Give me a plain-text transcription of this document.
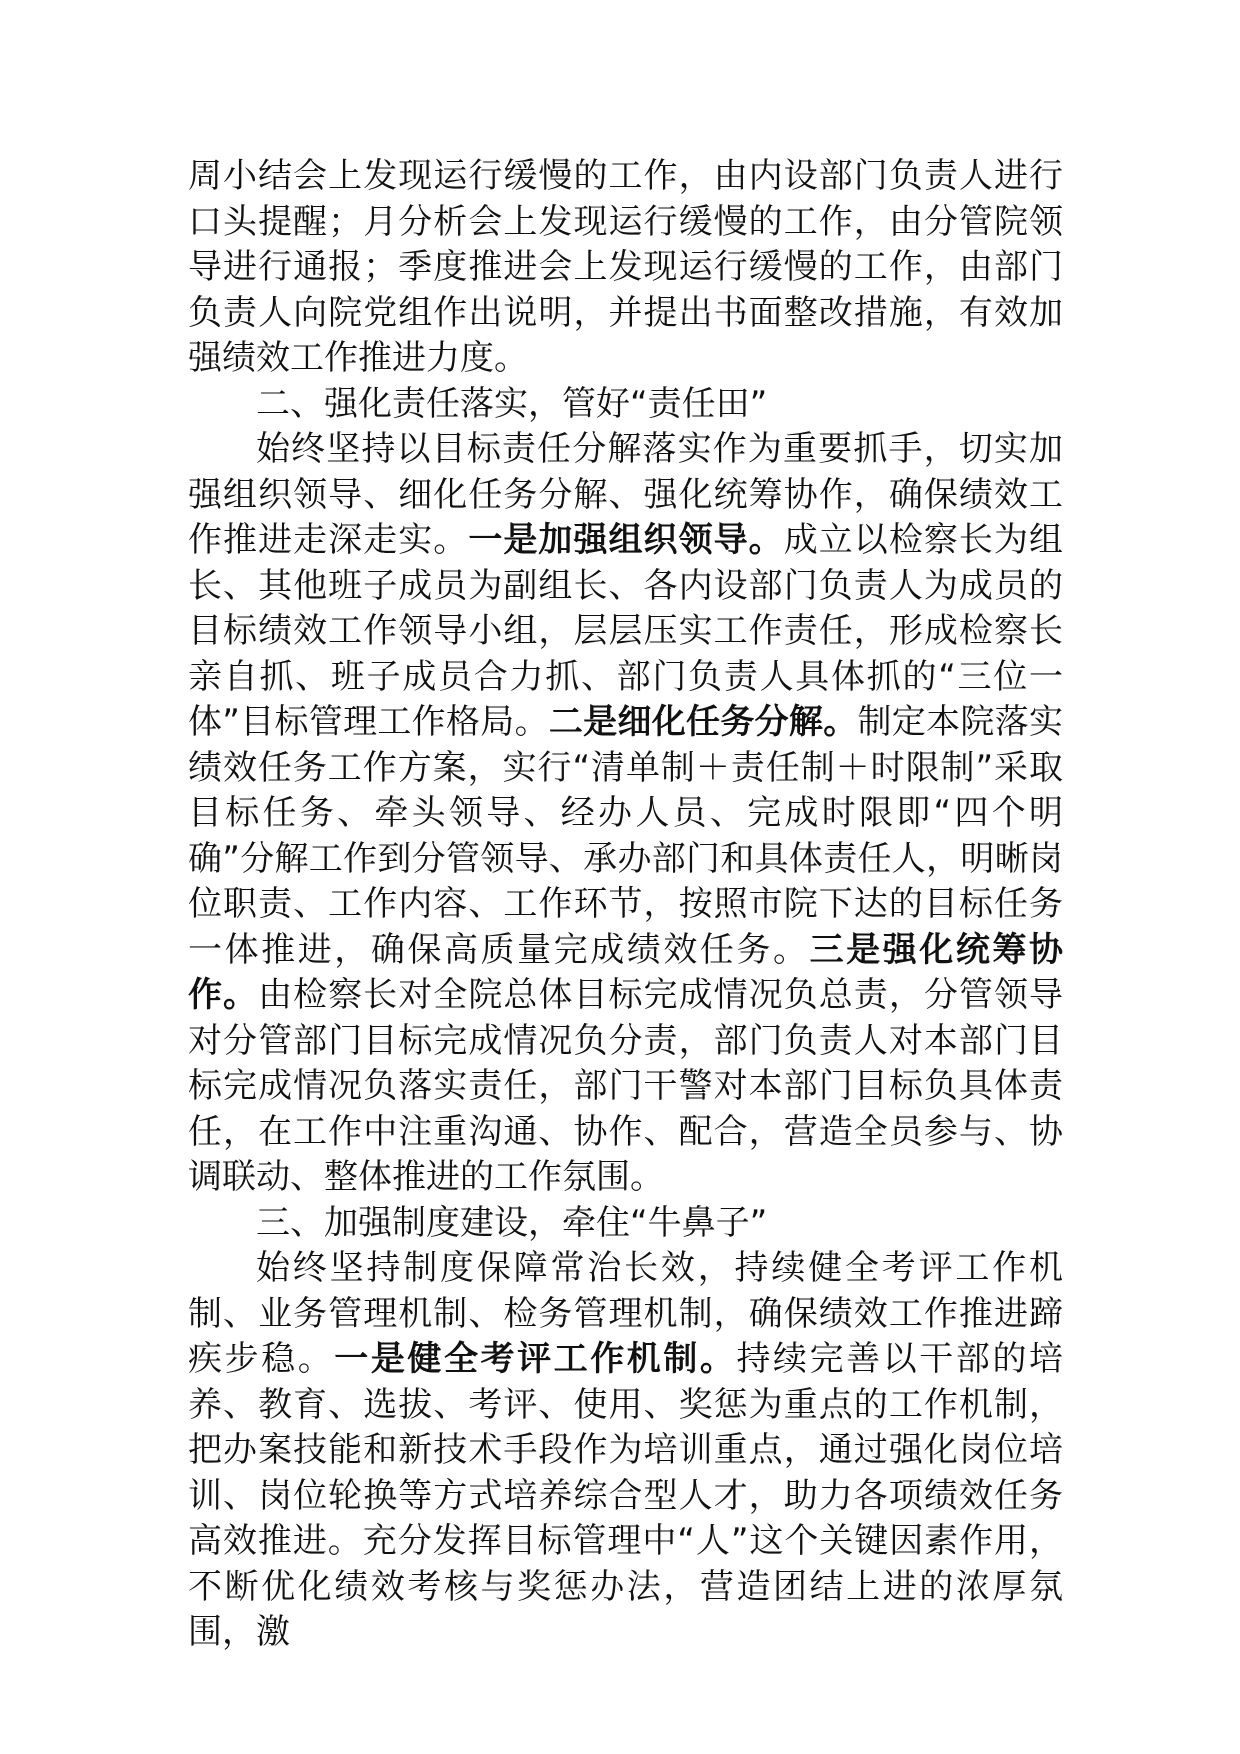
周小结会上发现运行缓慢的工作，由内设部门负责人进行口头提醒；月分析会上发现运行缓慢的工作，由分管院领导进行通报；季度推进会上发现运行缓慢的工作，由部门负责人向院党组作出说明，并提出书面整改措施，有效加强绩效工作推进力度。

二、强化责任落实，管好“责任田”

始终坚持以目标责任分解落实作为重要抓手，切实加强组织领导、细化任务分解、强化统筹协作，确保绩效工作推进走深走实。一是加强组织领导。成立以检察长为组长、其他班子成员为副组长、各内设部门负责人为成员的目标绩效工作领导小组，层层压实工作责任，形成检察长亲自抓、班子成员合力抓、部门负责人具体抓的“三位一体”目标管理工作格局。二是细化任务分解。制定本院落实绩效任务工作方案，实行“清单制＋责任制＋时限制”采取目标任务、牵头领导、经办人员、完成时限即“四个明确”分解工作到分管领导、承办部门和具体责任人，明晰岗位职责、工作内容、工作环节，按照市院下达的目标任务一体推进，确保高质量完成绩效任务。三是强化统筹协作。由检察长对全院总体目标完成情况负总责，分管领导对分管部门目标完成情况负分责，部门负责人对本部门目标完成情况负落实责任，部门干警对本部门目标负具体责任，在工作中注重沟通、协作、配合，营造全员参与、协调联动、整体推进的工作氛围。

三、加强制度建设，牵住“牛鼻子”

始终坚持制度保障常治长效，持续健全考评工作机制、业务管理机制、检务管理机制，确保绩效工作推进蹄疾步稳。一是健全考评工作机制。持续完善以干部的培养、教育、选拔、考评、使用、奖惩为重点的工作机制，把办案技能和新技术手段作为培训重点，通过强化岗位培训、岗位轮换等方式培养综合型人才，助力各项绩效任务高效推进。充分发挥目标管理中“人”这个关键因素作用，不断优化绩效考核与奖惩办法，营造团结上进的浓厚氛围，激
